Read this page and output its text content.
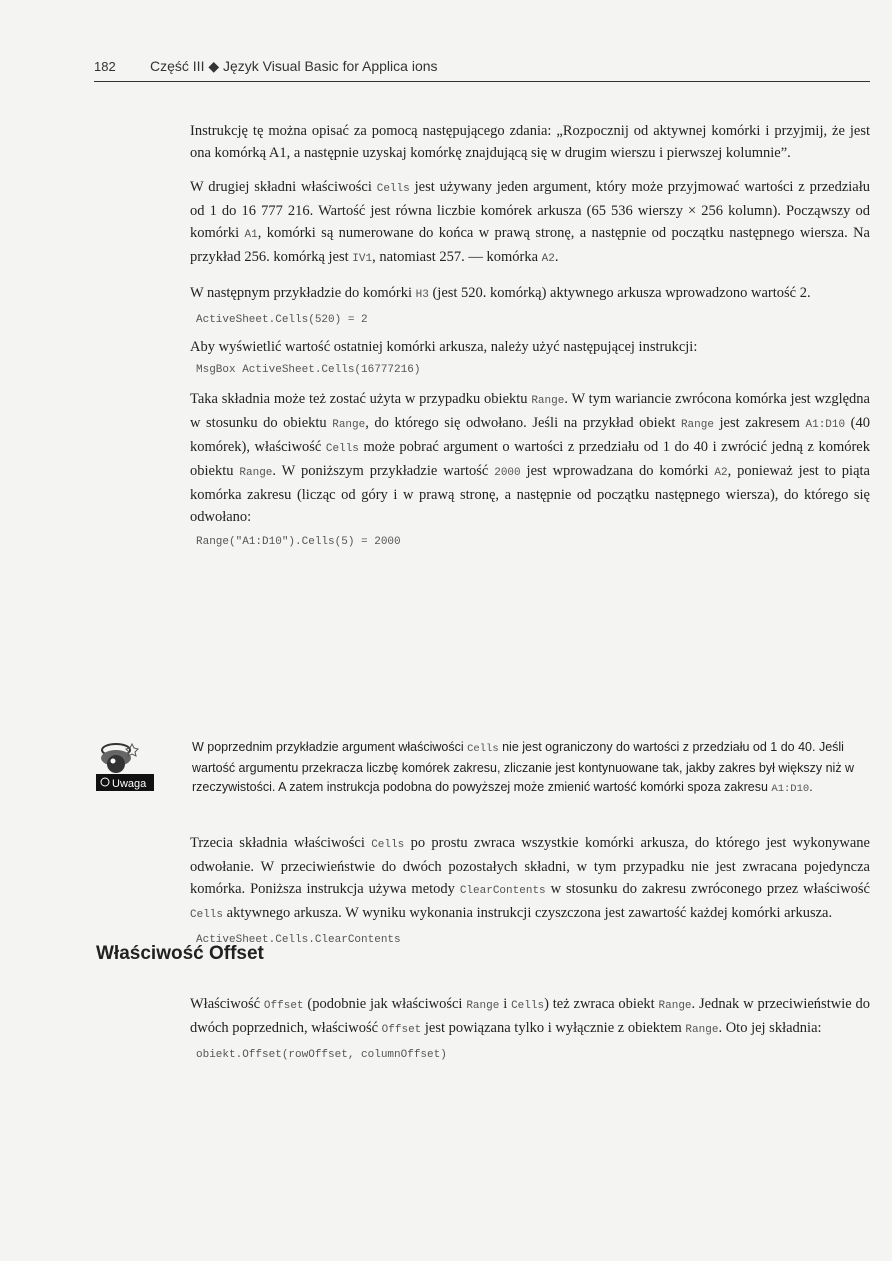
182 Część III ◆ Język Visual Basic for Applica ions

Instrukcję tę można opisać za pomocą następującego zdania: „Rozpocznij od aktywnej komórki i przyjmij, że jest ona komórką A1, a następnie uzyskaj komórkę znajdującą się w drugim wierszu i pierwszej kolumnie”.

W drugiej składni właściwości Cells jest używany jeden argument, który może przyjmować wartości z przedziału od 1 do 16 777 216. Wartość jest równa liczbie komórek arkusza (65 536 wierszy × 256 kolumn). Począwszy od komórki A1, komórki są numerowane do końca w prawą stronę, a następnie od początku następnego wiersza. Na przykład 256. komórką jest IV1, natomiast 257. — komórka A2.

W następnym przykładzie do komórki H3 (jest 520. komórką) aktywnego arkusza wprowadzono wartość 2.

ActiveSheet.Cells(520) = 2

Aby wyświetlić wartość ostatniej komórki arkusza, należy użyć następującej instrukcji:

MsgBox ActiveSheet.Cells(16777216)

Taka składnia może też zostać użyta w przypadku obiektu Range. W tym wariancie zwrócona komórka jest względna w stosunku do obiektu Range, do którego się odwołano. Jeśli na przykład obiekt Range jest zakresem A1:D10 (40 komórek), właściwość Cells może pobrać argument o wartości z przedziału od 1 do 40 i zwrócić jedną z komórek obiektu Range. W poniższym przykładzie wartość 2000 jest wprowadzana do komórki A2, ponieważ jest to piąta komórka zakresu (licząc od góry i w prawą stronę, a następnie od początku następnego wiersza), do którego się odwołano:

Range("A1:D10").Cells(5) = 2000
Uwaga
W poprzednim przykładzie argument właściwości Cells nie jest ograniczony do wartości z przedziału od 1 do 40. Jeśli wartość argumentu przekracza liczbę komórek zakresu, zliczanie jest kontynuowane tak, jakby zakres był większy niż w rzeczywistości. A zatem instrukcja podobna do powyższej może zmienić wartość komórki spoza zakresu A1:D10.

Trzecia składnia właściwości Cells po prostu zwraca wszystkie komórki arkusza, do którego jest wykonywane odwołanie. W przeciwieństwie do dwóch pozostałych składni, w tym przypadku nie jest zwracana pojedyncza komórka. Poniższa instrukcja używa metody ClearContents w stosunku do zakresu zwróconego przez właściwość Cells aktywnego arkusza. W wyniku wykonania instrukcji czyszczona jest zawartość każdej komórki arkusza.

ActiveSheet.Cells.ClearContents
Właściwość Offset

Właściwość Offset (podobnie jak właściwości Range i Cells) też zwraca obiekt Range. Jednak w przeciwieństwie do dwóch poprzednich, właściwość Offset jest powiązana tylko i wyłącznie z obiektem Range. Oto jej składnia:

obiekt.Offset(rowOffset, columnOffset)
